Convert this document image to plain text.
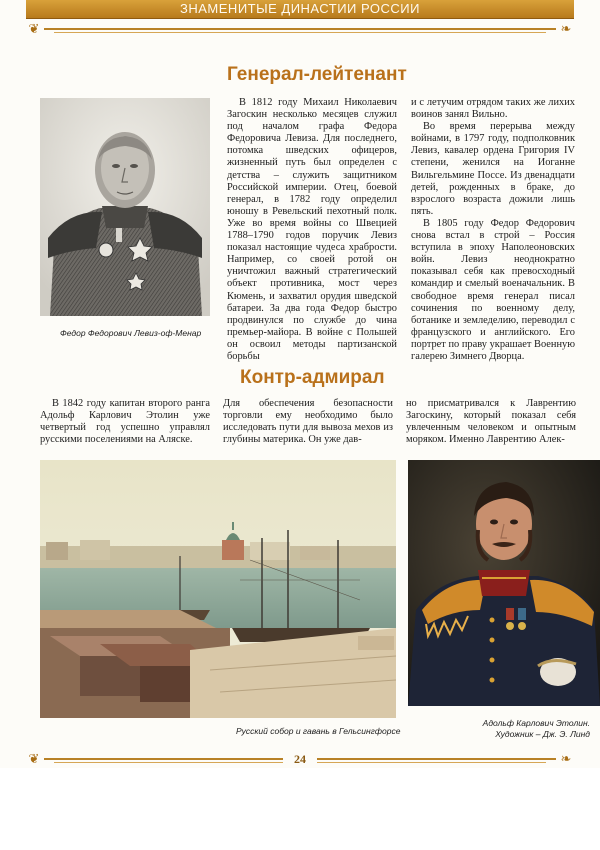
ЗНАМЕНИТЫЕ ДИНАСТИИ РОССИИ
❦	❧
Генерал-лейтенант
Федор Федорович Левиз-оф-Менар

В 1812 году Михаил Николаевич Загоскин несколько месяцев служил под началом графа Федора Федоровича Левиза. Для последнего, потомка шведских офицеров, жизненный путь был определен с детства – служить защитником Российской империи. Отец, боевой генерал, в 1782 году определил юношу в Ревельский пехотный полк. Уже во время войны со Швецией 1788–1790 годов поручик Левиз показал настоящие чудеса храбрости. Например, со своей ротой он уничтожил важный стратегический объект противника, мост через Кюмень, и захватил орудия шведской батареи. За два года Федор быстро продвинулся по службе до чина премьер-майора. В войне с Польшей он освоил методы партизанской борьбы

и с летучим отрядом таких же лихих воинов занял Вильно.

Во время перерыва между войнами, в 1797 году, подполковник Левиз, кавалер ордена Григория IV степени, женился на Иоганне Вильгельмине Поссе. Из двенадцати детей, рожденных в браке, до взрослого возраста дожили лишь пять.

В 1805 году Федор Федорович снова встал в строй – Россия вступила в эпоху Наполеоновских войн. Левиз неоднократно показывал себя как превосходный командир и смелый военачальник. В свободное время генерал писал сочинения по военному делу, ботанике и земледелию, переводил с французского и английского. Его портрет по праву украшает Военную галерею Зимнего Дворца.

Контр-адмирал

В 1842 году капитан второго ранга Адольф Карлович Этолин уже четвертый год успешно управлял русскими поселениями на Аляске.

Для обеспечения безопасности торговли ему необходимо было исследовать пути для вывоза мехов из глубины материка. Он уже дав-

но присматривался к Лаврентию Загоскину, который показал себя увлеченным человеком и опытным моряком. Именно Лаврентию Алек-

Русский собор и гавань в Гельсингфорсе
Адольф Карлович Этолин.
Художник – Дж. Э. Линд
❦	❧
24
